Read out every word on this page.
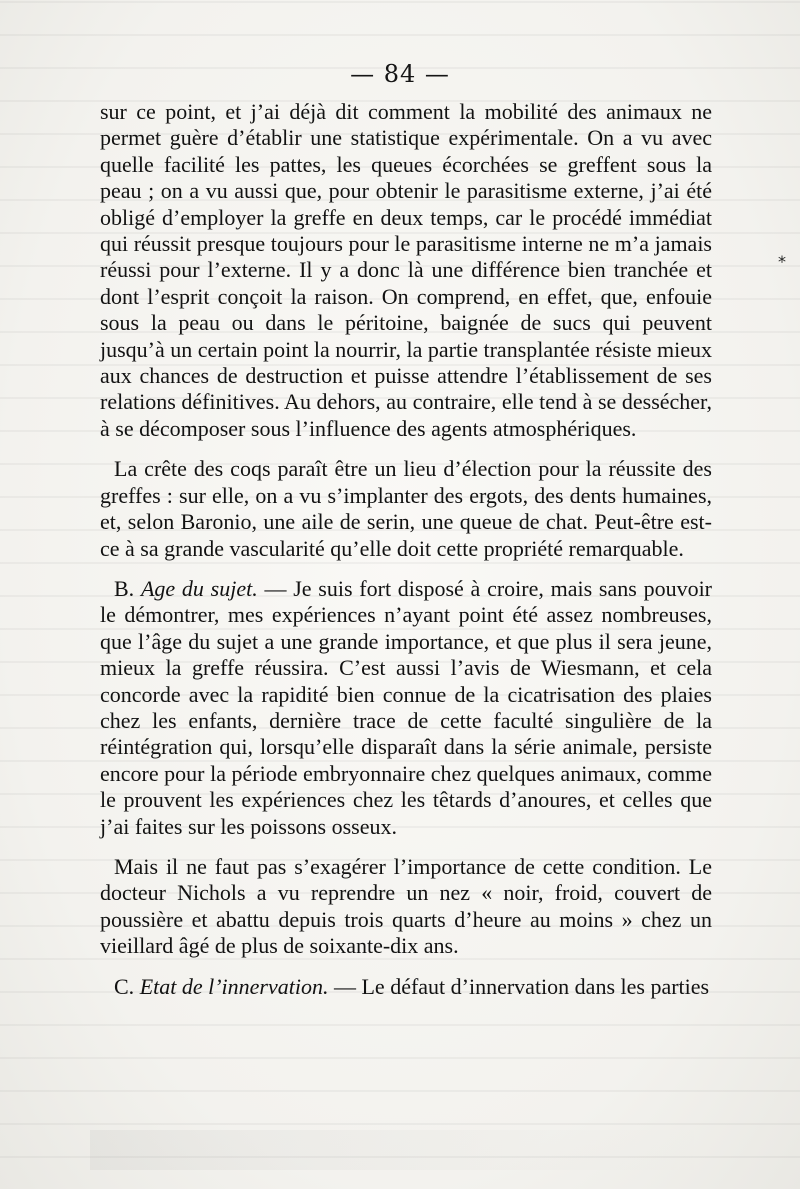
— 84 —
*

sur ce point, et j’ai déjà dit comment la mobilité des animaux ne permet guère d’établir une statistique expérimentale. On a vu avec quelle facilité les pattes, les queues écorchées se greffent sous la peau ; on a vu aussi que, pour obtenir le parasitisme externe, j’ai été obligé d’employer la greffe en deux temps, car le procédé immédiat qui réussit presque toujours pour le parasitisme interne ne m’a jamais réussi pour l’externe. Il y a donc là une différence bien tranchée et dont l’esprit conçoit la raison. On comprend, en effet, que, enfouie sous la peau ou dans le péritoine, baignée de sucs qui peuvent jusqu’à un certain point la nourrir, la partie transplantée résiste mieux aux chances de destruction et puisse attendre l’établissement de ses relations définitives. Au dehors, au contraire, elle tend à se dessécher, à se décomposer sous l’influence des agents atmosphériques.

La crête des coqs paraît être un lieu d’élection pour la réussite des greffes : sur elle, on a vu s’implanter des ergots, des dents humaines, et, selon Baronio, une aile de serin, une queue de chat. Peut-être est-ce à sa grande vascularité qu’elle doit cette propriété remarquable.

B. Age du sujet. — Je suis fort disposé à croire, mais sans pouvoir le démontrer, mes expériences n’ayant point été assez nombreuses, que l’âge du sujet a une grande importance, et que plus il sera jeune, mieux la greffe réussira. C’est aussi l’avis de Wiesmann, et cela concorde avec la rapidité bien connue de la cicatrisation des plaies chez les enfants, dernière trace de cette faculté singulière de la réintégration qui, lorsqu’elle disparaît dans la série animale, persiste encore pour la période embryonnaire chez quelques animaux, comme le prouvent les expériences chez les têtards d’anoures, et celles que j’ai faites sur les poissons osseux.

Mais il ne faut pas s’exagérer l’importance de cette condition. Le docteur Nichols a vu reprendre un nez « noir, froid, couvert de poussière et abattu depuis trois quarts d’heure au moins » chez un vieillard âgé de plus de soixante-dix ans.

C. Etat de l’innervation. — Le défaut d’innervation dans les parties
